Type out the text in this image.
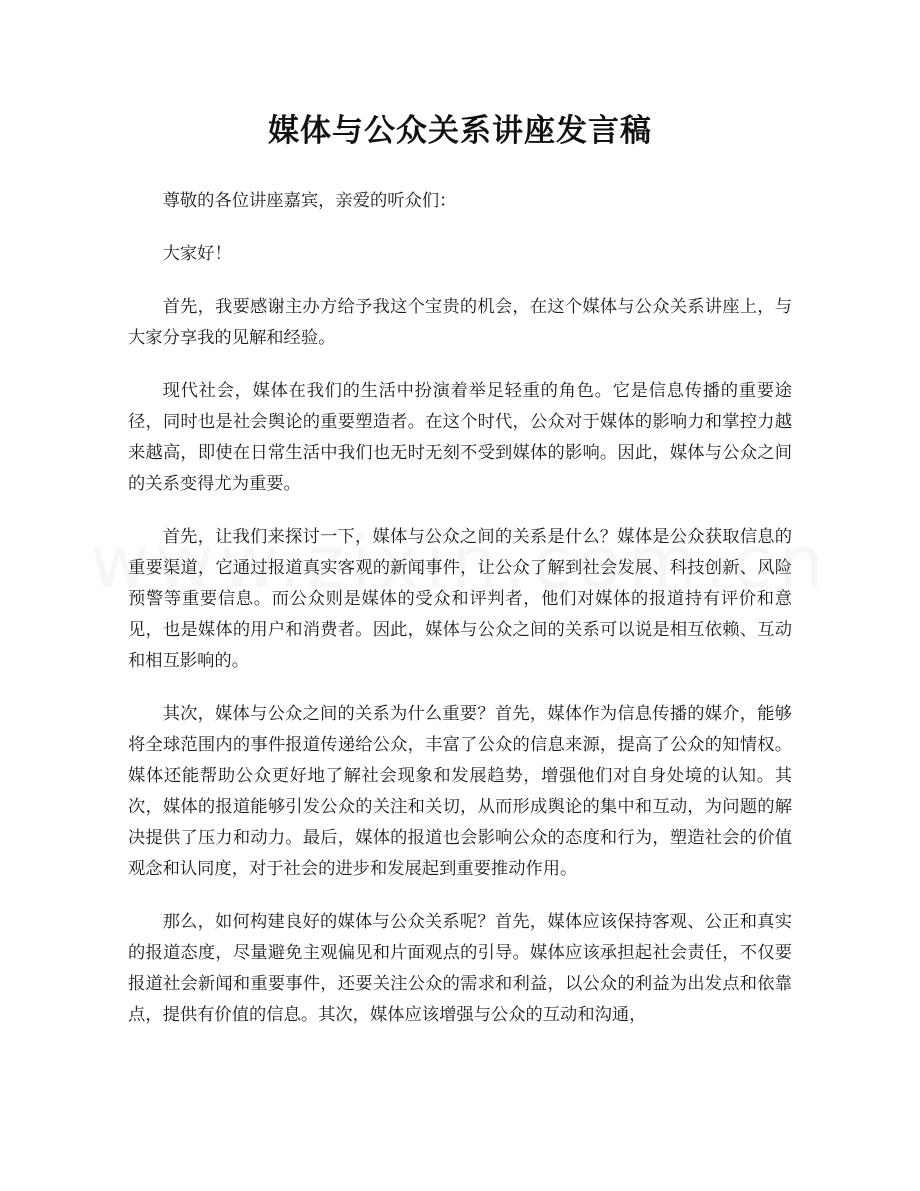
媒体与公众关系讲座发言稿

尊敬的各位讲座嘉宾，亲爱的听众们：

大家好！

首先，我要感谢主办方给予我这个宝贵的机会，在这个媒体与公众关系讲座上，与大家分享我的见解和经验。

现代社会，媒体在我们的生活中扮演着举足轻重的角色。它是信息传播的重要途径，同时也是社会舆论的重要塑造者。在这个时代，公众对于媒体的影响力和掌控力越来越高，即使在日常生活中我们也无时无刻不受到媒体的影响。因此，媒体与公众之间的关系变得尤为重要。

首先，让我们来探讨一下，媒体与公众之间的关系是什么？媒体是公众获取信息的重要渠道，它通过报道真实客观的新闻事件，让公众了解到社会发展、科技创新、风险预警等重要信息。而公众则是媒体的受众和评判者，他们对媒体的报道持有评价和意见，也是媒体的用户和消费者。因此，媒体与公众之间的关系可以说是相互依赖、互动和相互影响的。

其次，媒体与公众之间的关系为什么重要？首先，媒体作为信息传播的媒介，能够将全球范围内的事件报道传递给公众，丰富了公众的信息来源，提高了公众的知情权。媒体还能帮助公众更好地了解社会现象和发展趋势，增强他们对自身处境的认知。其次，媒体的报道能够引发公众的关注和关切，从而形成舆论的集中和互动，为问题的解决提供了压力和动力。最后，媒体的报道也会影响公众的态度和行为，塑造社会的价值观念和认同度，对于社会的进步和发展起到重要推动作用。

那么，如何构建良好的媒体与公众关系呢？首先，媒体应该保持客观、公正和真实的报道态度，尽量避免主观偏见和片面观点的引导。媒体应该承担起社会责任，不仅要报道社会新闻和重要事件，还要关注公众的需求和利益，以公众的利益为出发点和依靠点，提供有价值的信息。其次，媒体应该增强与公众的互动和沟通，
